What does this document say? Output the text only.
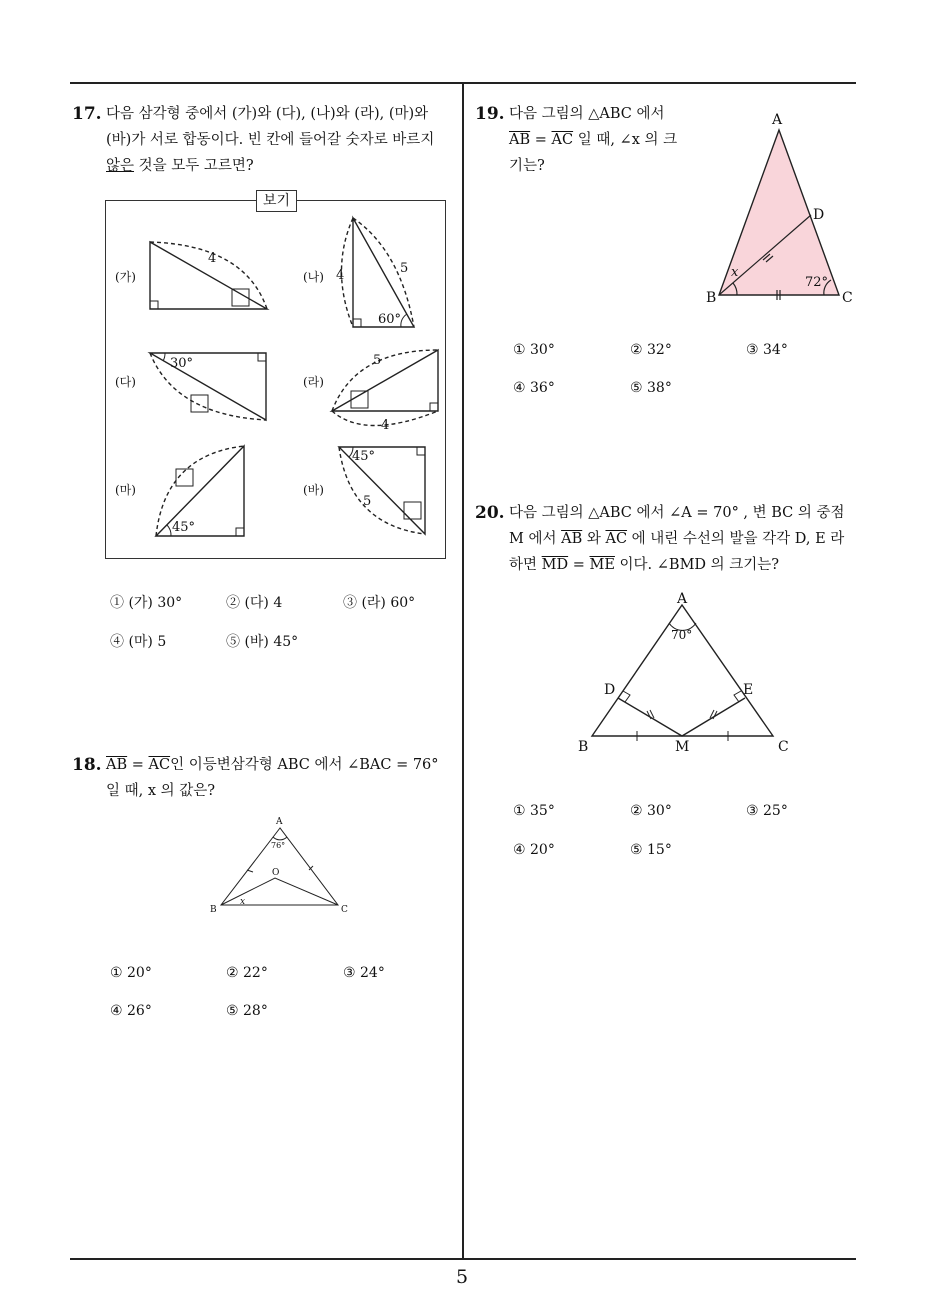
17. 다음 삼각형 중에서 (가)와 (다), (나)와 (라), (마)와
(바)가 서로 합동이다. 빈 칸에 들어갈 숫자로 바르지
않은 것을 모두 고르면?
보기
(가)	(나)
(다)	(라)
(마)	(바)
4
4	5
60°
30°	5
4
45°
45°
5
① (가) 30°	② (다) 4	③ (라) 60°
④ (마) 5	⑤ (바) 45°
18. $\overline{AB} = \overline{AC}$인 이등변삼각형 ABC 에서 ∠BAC = 76°
일 때, x 의 값은?
A
76°
O
B	C
x
① 20°	② 22°	③ 24°
④ 26°	⑤ 28°
19. 다음 그림의 △ABC 에서
$\overline{AB} = \overline{AC}$ 일 때, ∠x 의 크
기는?
A
D
B	C
x
72°
① 30°	② 32°	③ 34°
④ 36°	⑤ 38°
20. 다음 그림의 △ABC 에서 ∠A = 70° , 변 BC 의 중점
M 에서 $\overline{AB}$ 와 $\overline{AC}$ 에 내린 수선의 발을 각각 D, E 라
하면 $\overline{MD} = \overline{ME}$ 이다. ∠BMD 의 크기는?
A
70°
D	E
B	M	C
① 35°	② 30°	③ 25°
④ 20°	⑤ 15°
5
